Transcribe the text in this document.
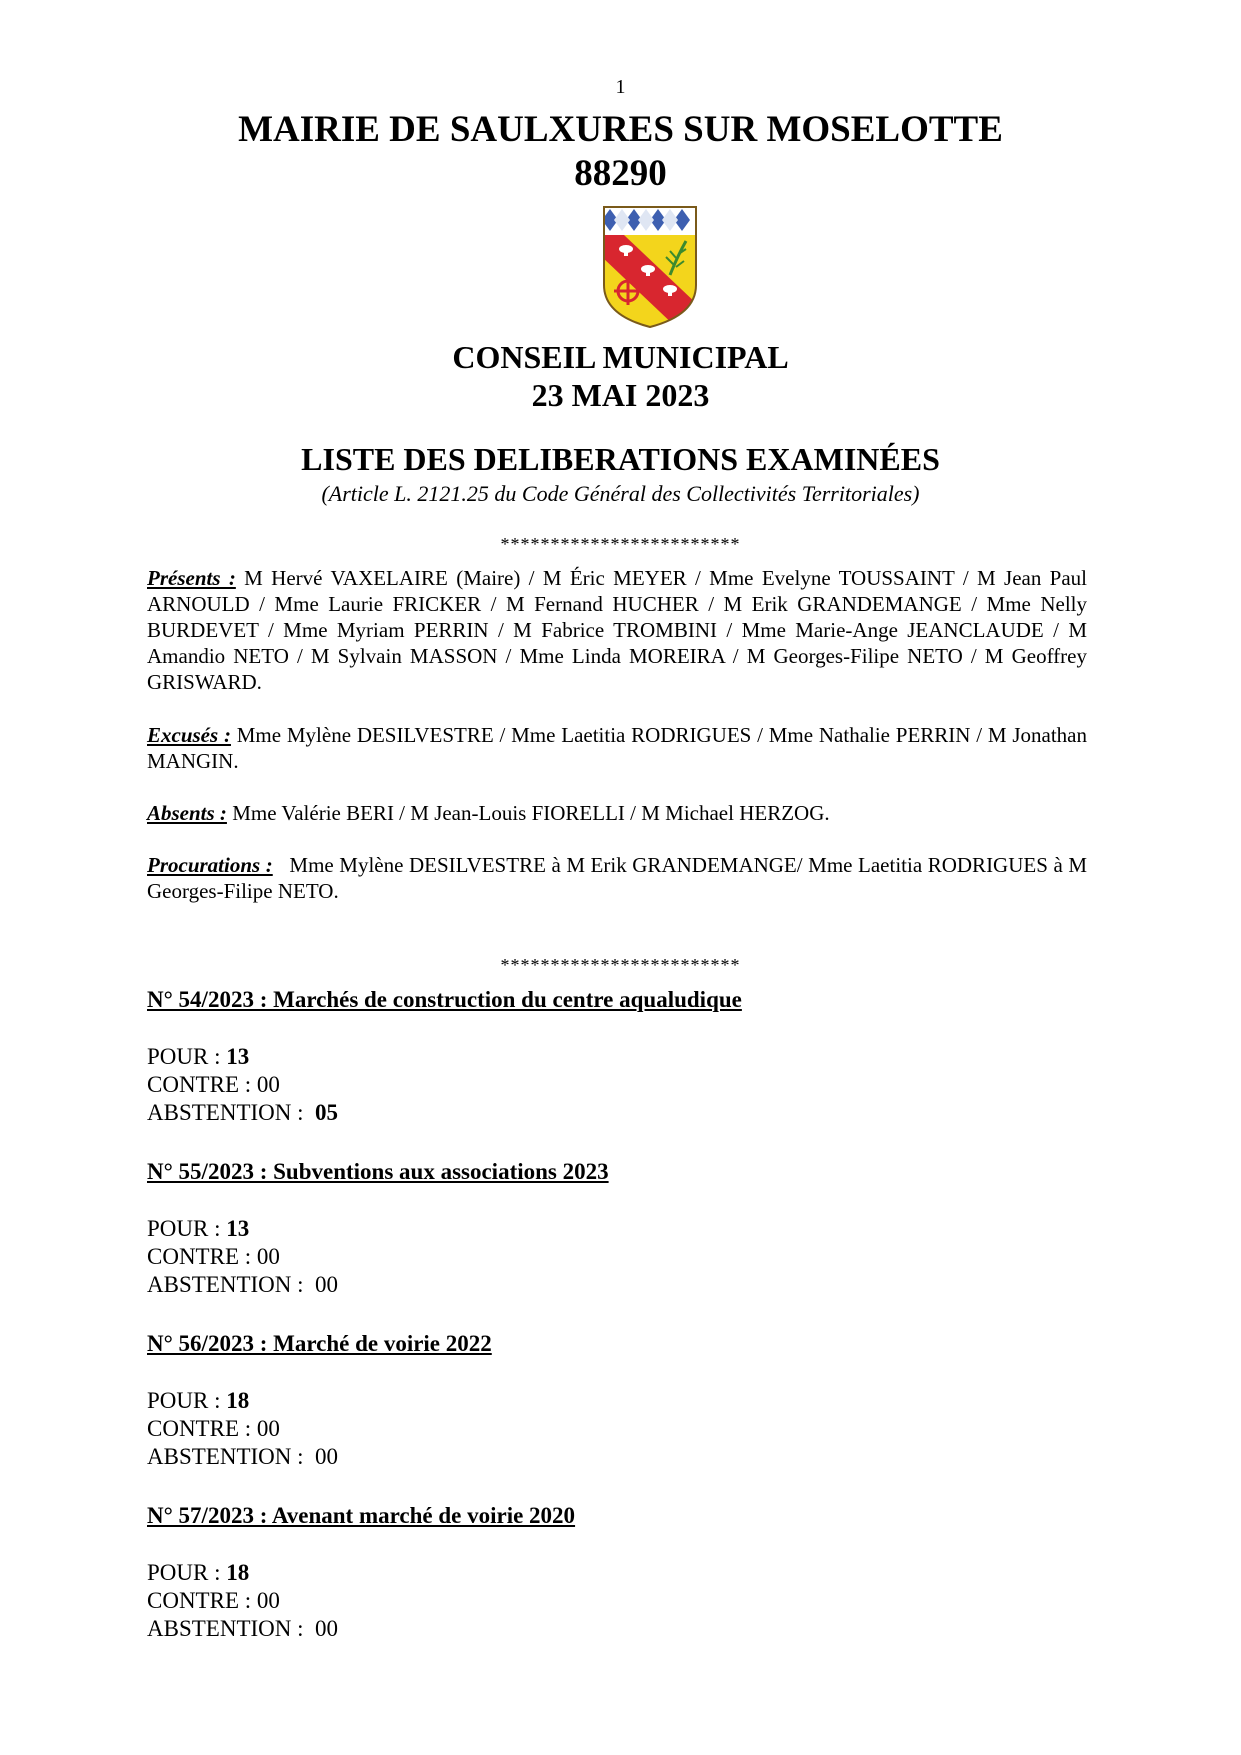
1
MAIRIE DE SAULXURES SUR MOSELOTTE
88290
CONSEIL MUNICIPAL
23 MAI 2023
LISTE DES DELIBERATIONS EXAMINÉES
(Article L. 2121.25 du Code Général des Collectivités Territoriales)
************************
Présents : M Hervé VAXELAIRE (Maire) / M Éric MEYER / Mme Evelyne TOUSSAINT / M Jean Paul ARNOULD / Mme Laurie FRICKER / M Fernand HUCHER / M Erik GRANDEMANGE / Mme Nelly BURDEVET / Mme Myriam PERRIN / M Fabrice TROMBINI / Mme Marie-Ange JEANCLAUDE / M Amandio NETO / M Sylvain MASSON / Mme Linda MOREIRA / M Georges-Filipe NETO / M Geoffrey GRISWARD.
Excusés : Mme Mylène DESILVESTRE / Mme Laetitia RODRIGUES / Mme Nathalie PERRIN / M Jonathan MANGIN.
Absents : Mme Valérie BERI / M Jean-Louis FIORELLI / M Michael HERZOG.
Procurations :   Mme Mylène DESILVESTRE à M Erik GRANDEMANGE/ Mme Laetitia RODRIGUES à M Georges-Filipe NETO.
************************
N° 54/2023 : Marchés de construction du centre aqualudique
POUR : 13
CONTRE : 00
ABSTENTION :  05
N° 55/2023 : Subventions aux associations 2023
POUR : 13
CONTRE : 00
ABSTENTION :  00
N° 56/2023 : Marché de voirie 2022
POUR : 18
CONTRE : 00
ABSTENTION :  00
N° 57/2023 : Avenant marché de voirie 2020
POUR : 18
CONTRE : 00
ABSTENTION :  00
